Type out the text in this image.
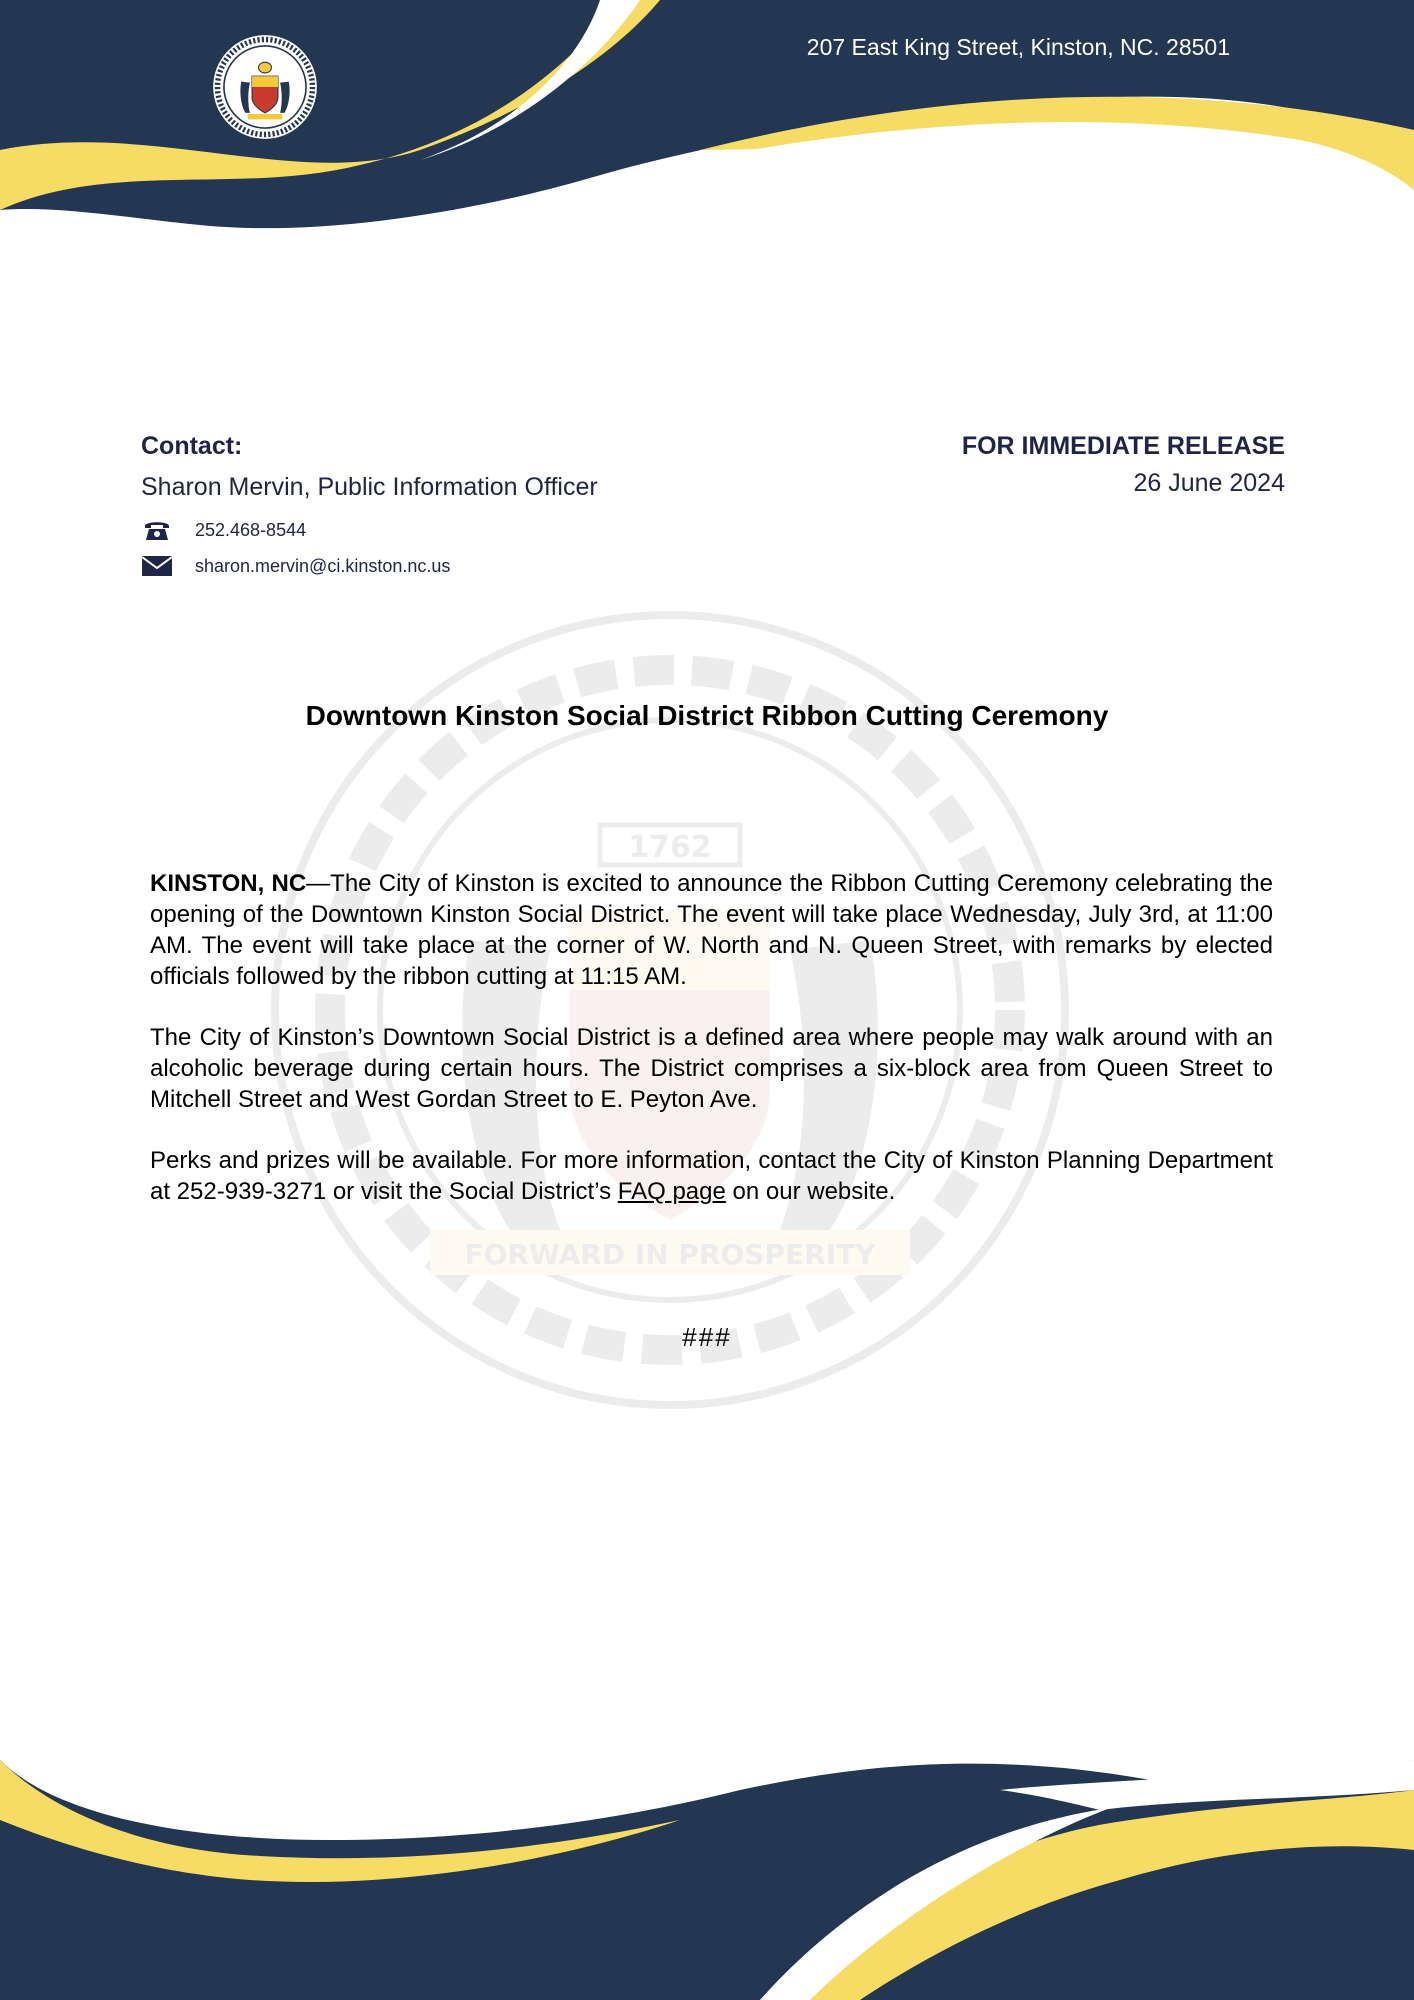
207 East King Street, Kinston, NC. 28501
1762
FORWARD IN PROSPERITY
Contact:
Sharon Mervin, Public Information Officer
252.468-8544
sharon.mervin@ci.kinston.nc.us
FOR IMMEDIATE RELEASE
26 June 2024
Downtown Kinston Social District Ribbon Cutting Ceremony

KINSTON, NC—The City of Kinston is excited to announce the Ribbon Cutting Ceremony celebrating the opening of the Downtown Kinston Social District. The event will take place Wednesday, July 3rd, at 11:00 AM. The event will take place at the corner of W. North and N. Queen Street, with remarks by elected officials followed by the ribbon cutting at 11:15 AM.

The City of Kinston’s Downtown Social District is a defined area where people may walk around with an alcoholic beverage during certain hours. The District comprises a six-block area from Queen Street to Mitchell Street and West Gordan Street to E. Peyton Ave.

Perks and prizes will be available. For more information, contact the City of Kinston Planning Department at 252-939-3271 or visit the Social District’s FAQ page on our website.

###
